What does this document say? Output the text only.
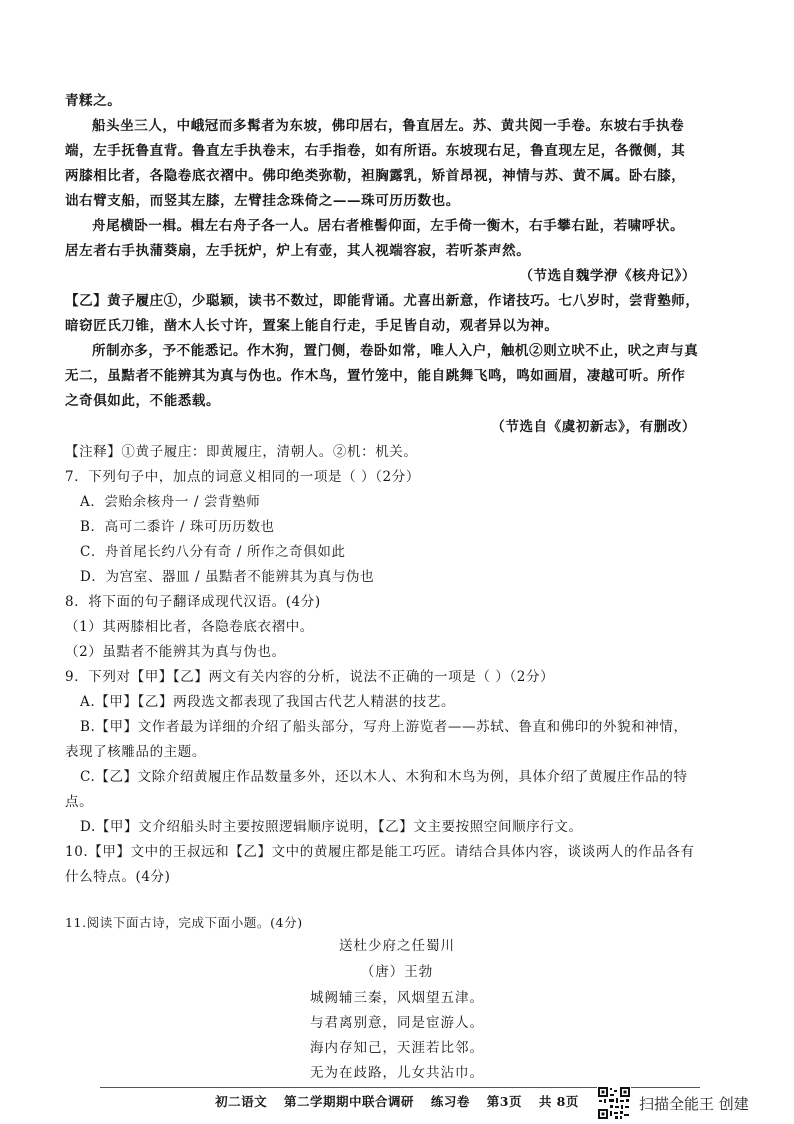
青糅之。

船头坐三人，中峨冠而多髯者为东坡，佛印居右，鲁直居左。苏、黄共阅一手卷。东坡右手执卷

端，左手抚鲁直背。鲁直左手执卷末，右手指卷，如有所语。东坡现右足，鲁直现左足，各微侧，其

两膝相比者，各隐卷底衣褶中。佛印绝类弥勒，袒胸露乳，矫首昂视，神情与苏、黄不属。卧右膝，

诎右臂支船，而竖其左膝，左臂挂念珠倚之——珠可历历数也。

舟尾横卧一楫。楫左右舟子各一人。居右者椎髻仰面，左手倚一衡木，右手攀右趾，若啸呼状。

居左者右手执蒲葵扇，左手抚炉，炉上有壶，其人视端容寂，若听茶声然。

（节选自魏学洢《核舟记》）

【乙】黄子履庄①，少聪颖，读书不数过，即能背诵。尤喜出新意，作诸技巧。七八岁时，尝背塾师，

暗窃匠氏刀锥，凿木人长寸许，置案上能自行走，手足皆自动，观者异以为神。

所制亦多，予不能悉记。作木狗，置门侧，卷卧如常，唯人入户，触机②则立吠不止，吠之声与真

无二，虽黠者不能辨其为真与伪也。作木鸟，置竹笼中，能自跳舞飞鸣，鸣如画眉，凄越可听。所作

之奇俱如此，不能悉载。

（节选自《虞初新志》，有删改）

【注释】①黄子履庄：即黄履庄，清朝人。②机：机关。

7．下列句子中，加点的词意义相同的一项是（ ）（2分）

A．尝贻余核舟一 / 尝背塾师

B．高可二黍许 / 珠可历历数也

C．舟首尾长约八分有奇 / 所作之奇俱如此

D．为宫室、器皿 / 虽黠者不能辨其为真与伪也

8．将下面的句子翻译成现代汉语。(4分)

（1）其两膝相比者，各隐卷底衣褶中。

（2）虽黠者不能辨其为真与伪也。

9．下列对【甲】【乙】两文有关内容的分析，说法不正确的一项是（ ）（2分）

A.【甲】【乙】两段选文都表现了我国古代艺人精湛的技艺。

B.【甲】文作者最为详细的介绍了船头部分，写舟上游览者——苏轼、鲁直和佛印的外貌和神情，

表现了核雕品的主题。

C.【乙】文除介绍黄履庄作品数量多外，还以木人、木狗和木鸟为例，具体介绍了黄履庄作品的特

点。

D.【甲】文介绍船头时主要按照逻辑顺序说明，【乙】文主要按照空间顺序行文。

10.【甲】文中的王叔远和【乙】文中的黄履庄都是能工巧匠。请结合具体内容，谈谈两人的作品各有

什么特点。(4分)

11.阅读下面古诗，完成下面小题。(4分)

送杜少府之任蜀川

（唐）王勃

城阙辅三秦，风烟望五津。

与君离别意，同是宦游人。

海内存知己，天涯若比邻。

无为在歧路，儿女共沾巾。

初二语文 第二学期期中联合调研 练习卷 第3页 共 8页	扫描全能王 创建
